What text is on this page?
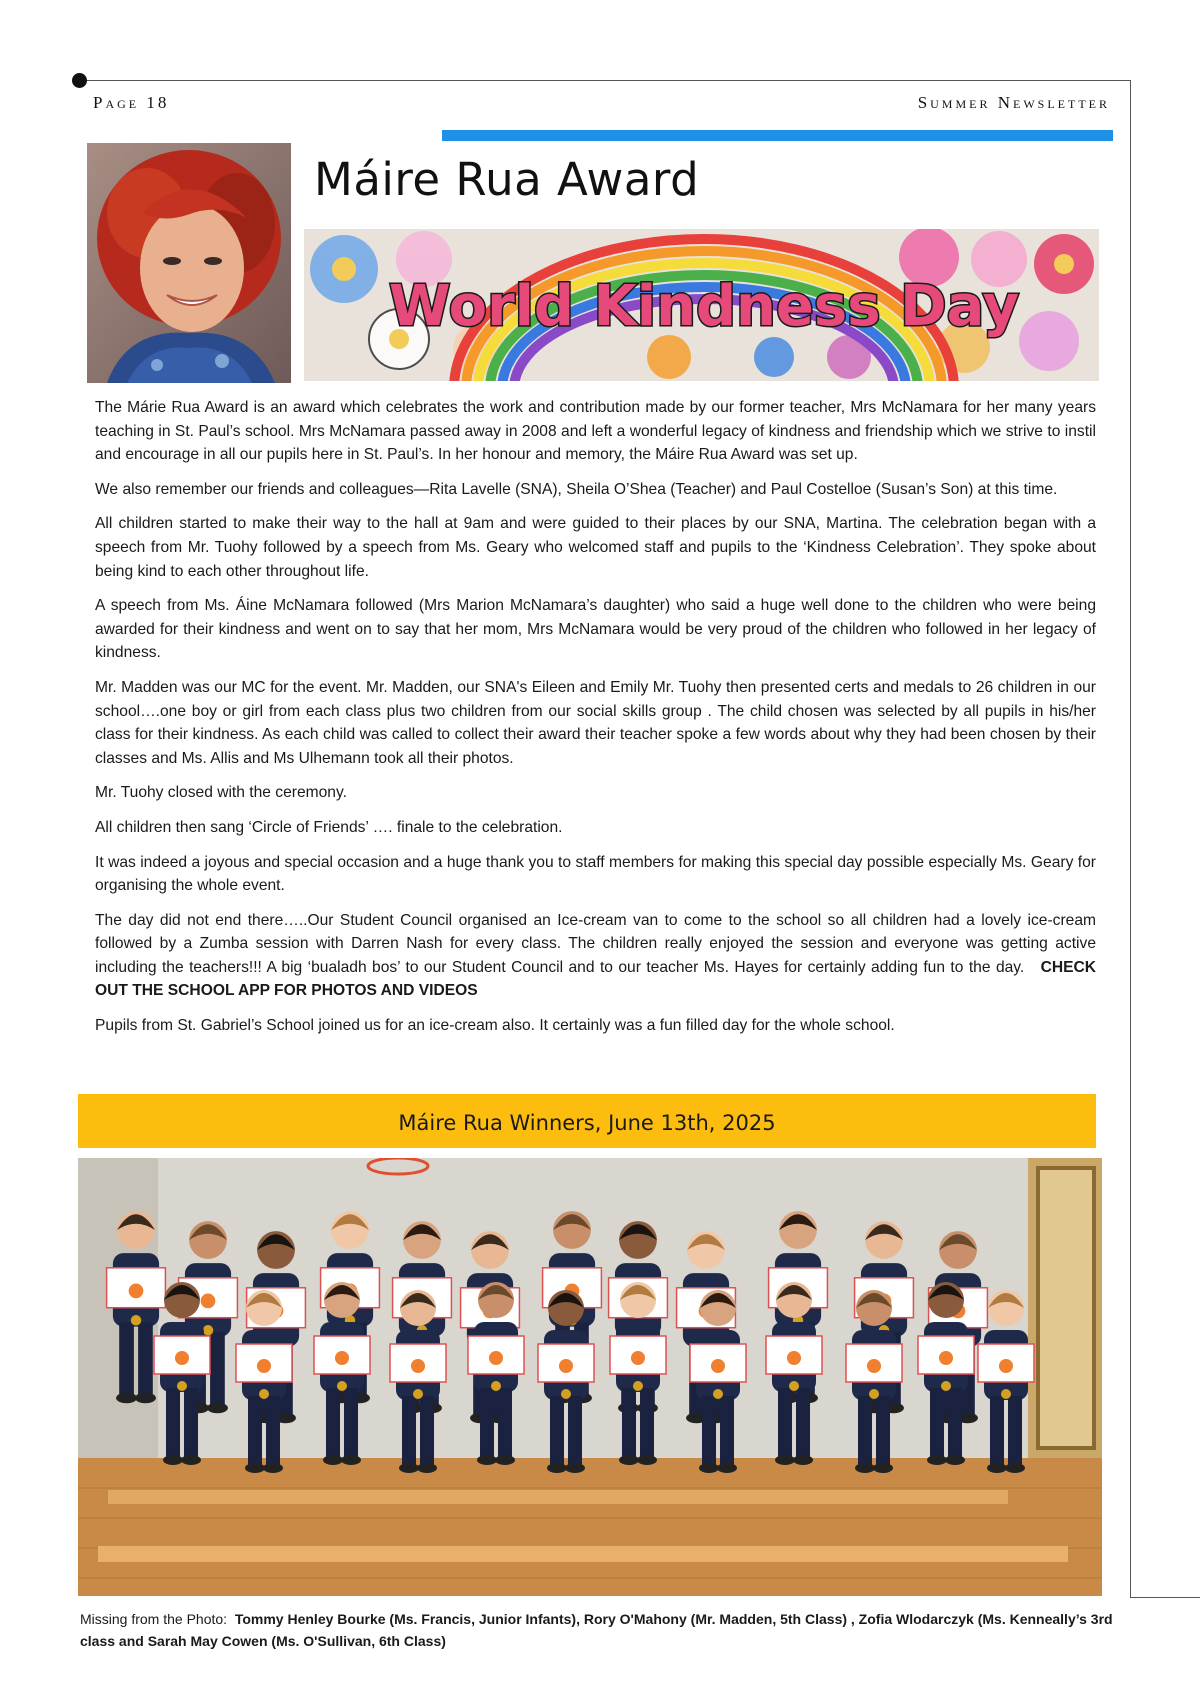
Page 18	Summer Newsletter
Máire Rua Award
World Kindness Day

The Márie Rua Award is an award which celebrates the work and contribution made by our former teacher, Mrs McNamara for her many years teaching in St. Paul’s school. Mrs McNamara passed away in 2008 and left a wonderful legacy of kindness and friendship which we strive to instil and encourage in all our pupils here in St. Paul’s. In her honour and memory, the Máire Rua Award was set up.

We also remember our friends and colleagues—Rita Lavelle (SNA), Sheila O’Shea (Teacher) and Paul Costelloe (Susan’s Son) at this time.

All children started to make their way to the hall at 9am and were guided to their places by our SNA, Martina. The celebration began with a speech from Mr. Tuohy followed by a speech from Ms. Geary who welcomed staff and pupils to the ‘Kindness Celebration’. They spoke about being kind to each other throughout life.

A speech from Ms. Áine McNamara followed (Mrs Marion McNamara’s daughter) who said a huge well done to the children who were being awarded for their kindness and went on to say that her mom, Mrs McNamara would be very proud of the children who followed in her legacy of kindness.

Mr. Madden was our MC for the event. Mr. Madden, our SNA's Eileen and Emily Mr. Tuohy then presented certs and medals to 26 children in our school….one boy or girl from each class plus two children from our social skills group . The child chosen was selected by all pupils in his/her class for their kindness. As each child was called to collect their award their teacher spoke a few words about why they had been chosen by their classes and Ms. Allis and Ms Ulhemann took all their photos.

Mr. Tuohy closed with the ceremony.

All children then sang ‘Circle of Friends’ …. finale to the celebration.

It was indeed a joyous and special occasion and a huge thank you to staff members for making this special day possible especially Ms. Geary for organising the whole event.

The day did not end there…..Our Student Council organised an Ice-cream van to come to the school so all children had a lovely ice-cream followed by a Zumba session with Darren Nash for every class. The children really enjoyed the session and everyone was getting active including the teachers!!! A big ‘bualadh bos’ to our Student Council and to our teacher Ms. Hayes for certainly adding fun to the day. CHECK OUT THE SCHOOL APP FOR PHOTOS AND VIDEOS

Pupils from St. Gabriel’s School joined us for an ice-cream also. It certainly was a fun filled day for the whole school.

Máire Rua Winners, June 13th, 2025
Missing from the Photo: Tommy Henley Bourke (Ms. Francis, Junior Infants), Rory O'Mahony (Mr. Madden, 5th Class) , Zofia Wlodarczyk (Ms. Kenneally’s 3rd class and Sarah May Cowen (Ms. O'Sullivan, 6th Class)
